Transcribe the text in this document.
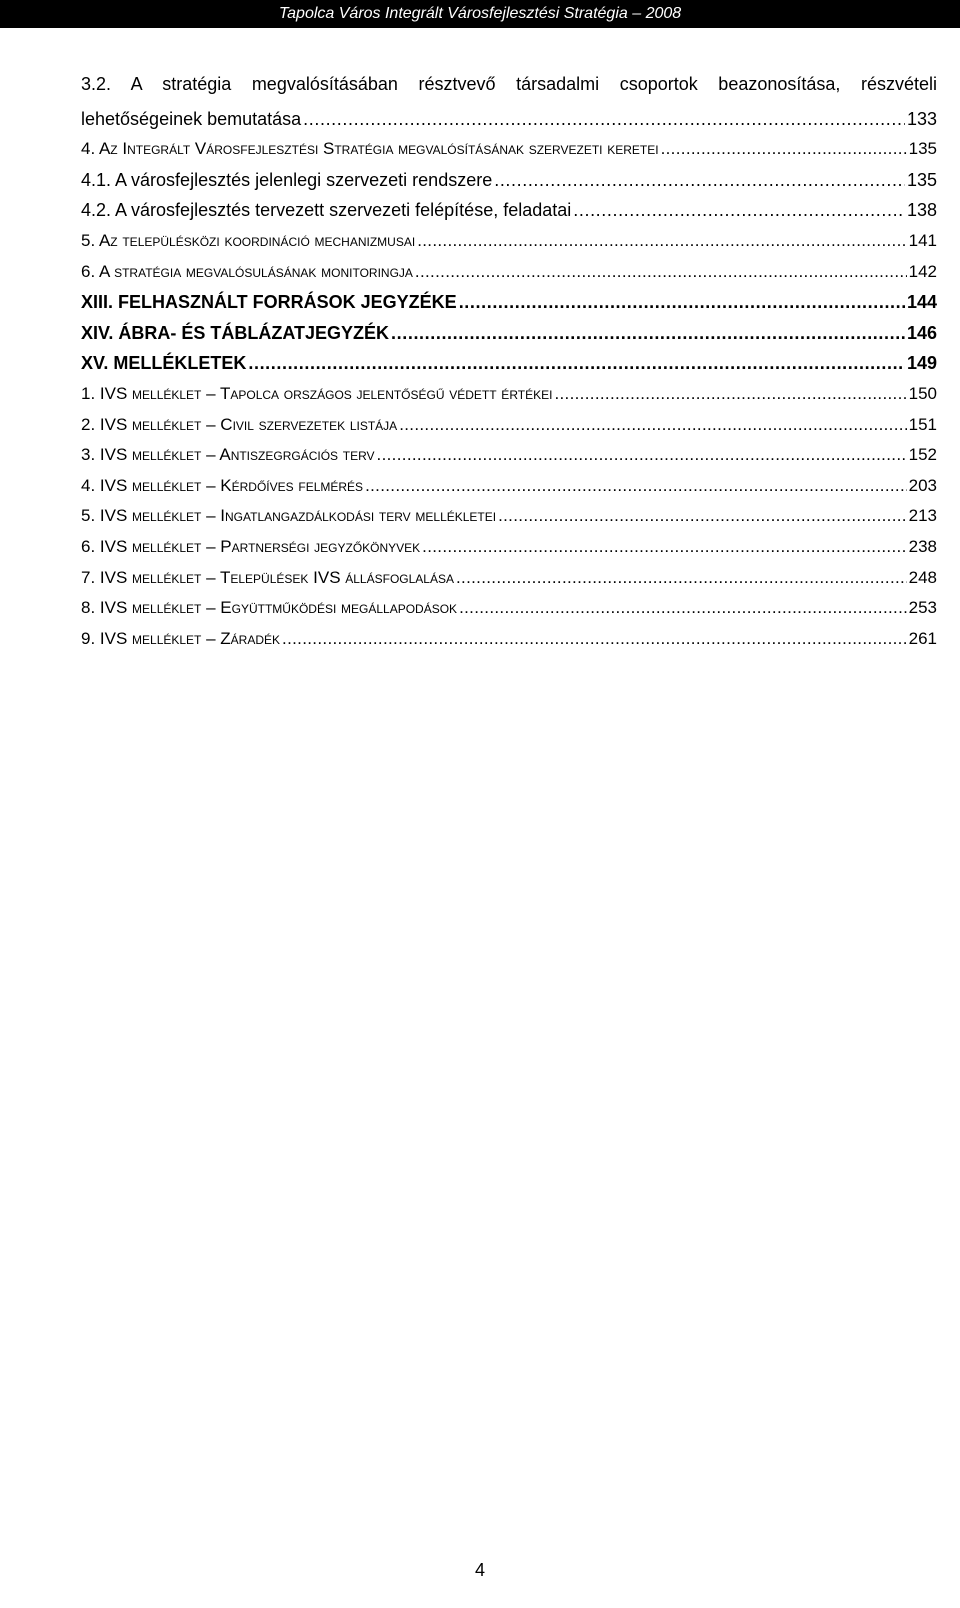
Tapolca Város Integrált Városfejlesztési Stratégia – 2008
3.2. A stratégia megvalósításában résztvevő társadalmi csoportok beazonosítása, részvételi
lehetőségeinek bemutatása . . .	133
4. Az Integrált Városfejlesztési Stratégia megvalósításának szervezeti keretei . . .	135
4.1. A városfejlesztés jelenlegi szervezeti rendszere . . .	135
4.2. A városfejlesztés tervezett szervezeti felépítése, feladatai . . .	138
5. Az településközi koordináció mechanizmusai . . .	141
6. A stratégia megvalósulásának monitoringja . . .	142
XIII. FELHASZNÁLT FORRÁSOK JEGYZÉKE . . .	144
XIV. ÁBRA- ÉS TÁBLÁZATJEGYZÉK . . .	146
XV. MELLÉKLETEK . . .	149
1. IVS melléklet – Tapolca országos jelentőségű védett értékei . . .	150
2. IVS melléklet – Civil szervezetek listája . . .	151
3. IVS melléklet – Antiszegrgációs terv . . .	152
4. IVS melléklet – Kérdőíves felmérés . . .	203
5. IVS melléklet – Ingatlangazdálkodási terv mellékletei . . .	213
6. IVS melléklet – Partnerségi jegyzőkönyvek . . .	238
7. IVS melléklet – Települések IVS állásfoglalása . . .	248
8. IVS melléklet – Együttműködési megállapodások . . .	253
9. IVS melléklet – Záradék . . .	261
4
